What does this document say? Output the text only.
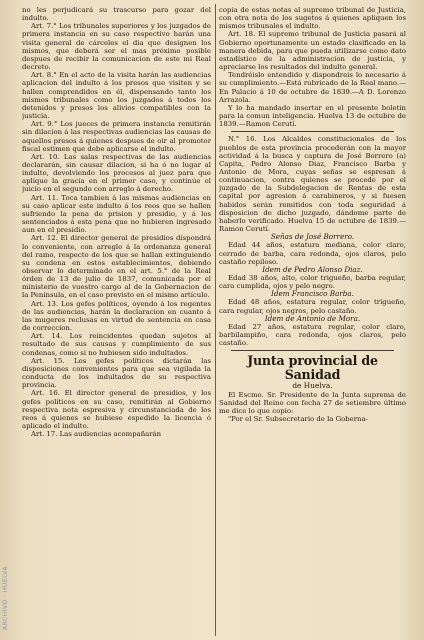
ARCHIVO · HUELVA

no les perjudicará su trascurso para gozar del indulto.

Art. 7.° Los tribunales superiores y los juzgados de primera instancia en su caso respectivo harán una visita general de cárceles el dia que designen los mismos, que deberá ser el mas próximo posible despues de recibir la comunicacion de este mi Real decreto.

Art. 8.° En el acto de la visita harán las audiencias aplicacion del indulto á los presos que visiten y se hallen comprendidos en él, dispensando tanto los mismos tribunales como los juzgados á todos los detenidos y presos los alivios compatibles con la justicia.

Art. 9.° Los jueces de primera instancia remitirán sin dilacion á las respectivas audiencias las causas de aquellos presos á quienes despues de oir al promotor fiscal estimen que debe aplicarse el indulto.

Art. 10. Las salas respectivas de las audiencias declararán, sin causar dilacion, si ha ó no lugar al indulto, devolviendo los procesos al juez para que aplique la gracia en el primer caso, y continúe el juicio en el segundo con arreglo á derecho.

Art. 11. Toca tambien á las mismas audiencias en su caso aplicar este indulto á los reos que se hallen sufriendo la pena de prision y presidio, y á los sentenciados á esta pena que no hubieren ingresado aun en el presidio.

Art. 12. El director general de presidios dispondrá lo conveniente, con arreglo á la ordenanza general del ramo, respecto de los que se hallan extinguiendo su condena en estos establecimientos, debiendo observar lo determinado en el art. 5.° de la Real órden de 13 de julio de 1837, comunicada por el ministerio de vuestro cargo al de la Gobernacion de la Península, en el caso previsto en el mismo artículo.

Art. 13. Los gefes políticos, oyendo á los regentes de las audiencias, harán la declaracion en cuanto á las mugeres reclusas en virtud de sentencia en casa de correccion.

Art. 14. Los reincidentes quedan sujetos al resultado de sus causas y cumplimiento de sus condenas, como si no hubiesen sido indultados.

Art. 15. Los gefes políticos dictarán las disposiciones convenientes para que sea vigilada la conducta de los indultados de su respectiva provincia.

Art. 16. El director general de presidios, y los gefes políticos en su caso, remitirán al Gobierno respectiva nota espresiva y circunstanciada de los reos á quienes se hubiese espedido la licencia ó aplicado el indulto.

Art. 17. Las audiencias acompañarán

copia de estas notas al supremo tribunal de Justicia, con otra nota de los sugetos á quienes apliquen los mismos tribunales el indulto.

Art. 18. El supremo tribunal de Justicia pasará al Gobierno oportunamente un estado clasificado en la manera debida, para que pueda utilizarse como dato estadístico de la administracion de justicia, y apreciarse los resultados del indulto general.

Tendréislo entendido y dispondreis lo necesario á su cumplimiento.—Está rubricado de la Real mano.—En Palacio á 10 de octubre de 1839.—A D. Lorenzo Arrazola.

Y lo ha mandado insertar en el presente boletin para la comun inteligencia. Huelva 13 de octubre de 1839.—Ramon Cerutí.

N.° 16. Los Alcaldes constitucionales de los pueblos de esta provincia procederán con la mayor actividad á la busca y captura de José Borrero (a) Capita, Pedro Alonso Diaz, Francisco Barba y Antonio de Mora, cuyas señas se espresan á continuacion, contra quienes se procede por el juzgado de la Subdelegacion de Rentas de esta capital por agresion á carabineros, y si fuesen habidos serán remitidos con toda seguridad á disposicion de dicho juzgado, dándome parte de haberlo verificado. Huelva 15 de octubre de 1839.—Ramon Cerutí.

Señas de José Borrero.

Edad 44 años, estatura mediana, color claro, cerrado de barba, cara redonda, ojos claros, pelo castaño repiloso.

Idem de Pedro Alonso Diaz.

Edad 38 años, alto, color trigueño, barba regular, cara cumplida, ojos y pelo negro.

Idem Francisco Barba.

Edad 48 años, estatura regular, color trigueño, cara regular, ojos negros, pelo castaño.

Idem de Antonio de Mora.

Edad 27 años, estatura regular, color claro, barbilampiño, cara redonda, ojos claros, pelo castaño.

Junta provincial de Sanidad

de Huelva.

El Escmo. Sr. Presidente de la Junta suprema de Sanidad del Reino con fecha 27 de setiembre último me dice lo que copio:

"Por el Sr. Subsecretario de la Goberna-
